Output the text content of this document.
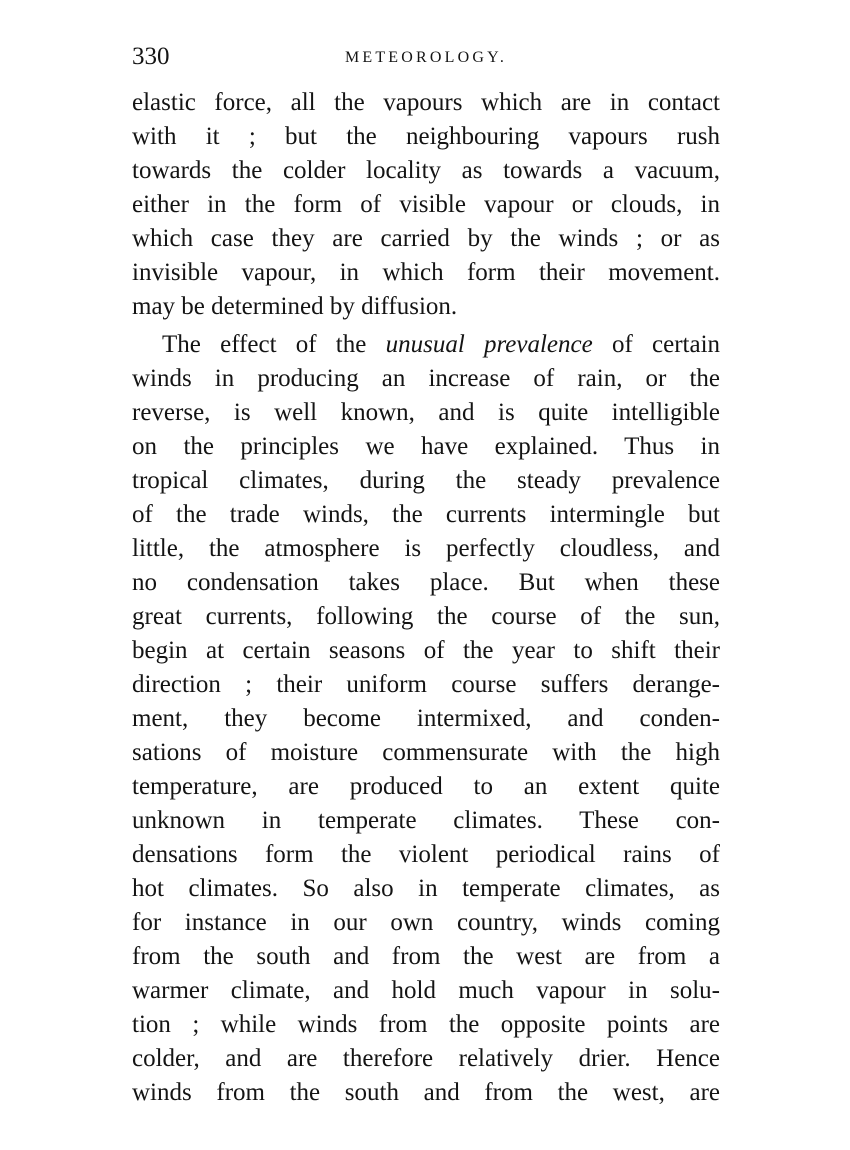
330	METEOROLOGY.
elastic force, all the vapours which are in contact
with it ; but the neighbouring vapours rush
towards the colder locality as towards a vacuum,
either in the form of visible vapour or clouds, in
which case they are carried by the winds ; or as
invisible vapour, in which form their movement.
may be determined by diffusion.
The effect of the unusual prevalence of certain
winds in producing an increase of rain, or the
reverse, is well known, and is quite intelligible
on the principles we have explained. Thus in
tropical climates, during the steady prevalence
of the trade winds, the currents intermingle but
little, the atmosphere is perfectly cloudless, and
no condensation takes place. But when these
great currents, following the course of the sun,
begin at certain seasons of the year to shift their
direction ; their uniform course suffers derange-
ment, they become intermixed, and conden-
sations of moisture commensurate with the high
temperature, are produced to an extent quite
unknown in temperate climates. These con-
densations form the violent periodical rains of
hot climates. So also in temperate climates, as
for instance in our own country, winds coming
from the south and from the west are from a
warmer climate, and hold much vapour in solu-
tion ; while winds from the opposite points are
colder, and are therefore relatively drier. Hence
winds from the south and from the west, are
